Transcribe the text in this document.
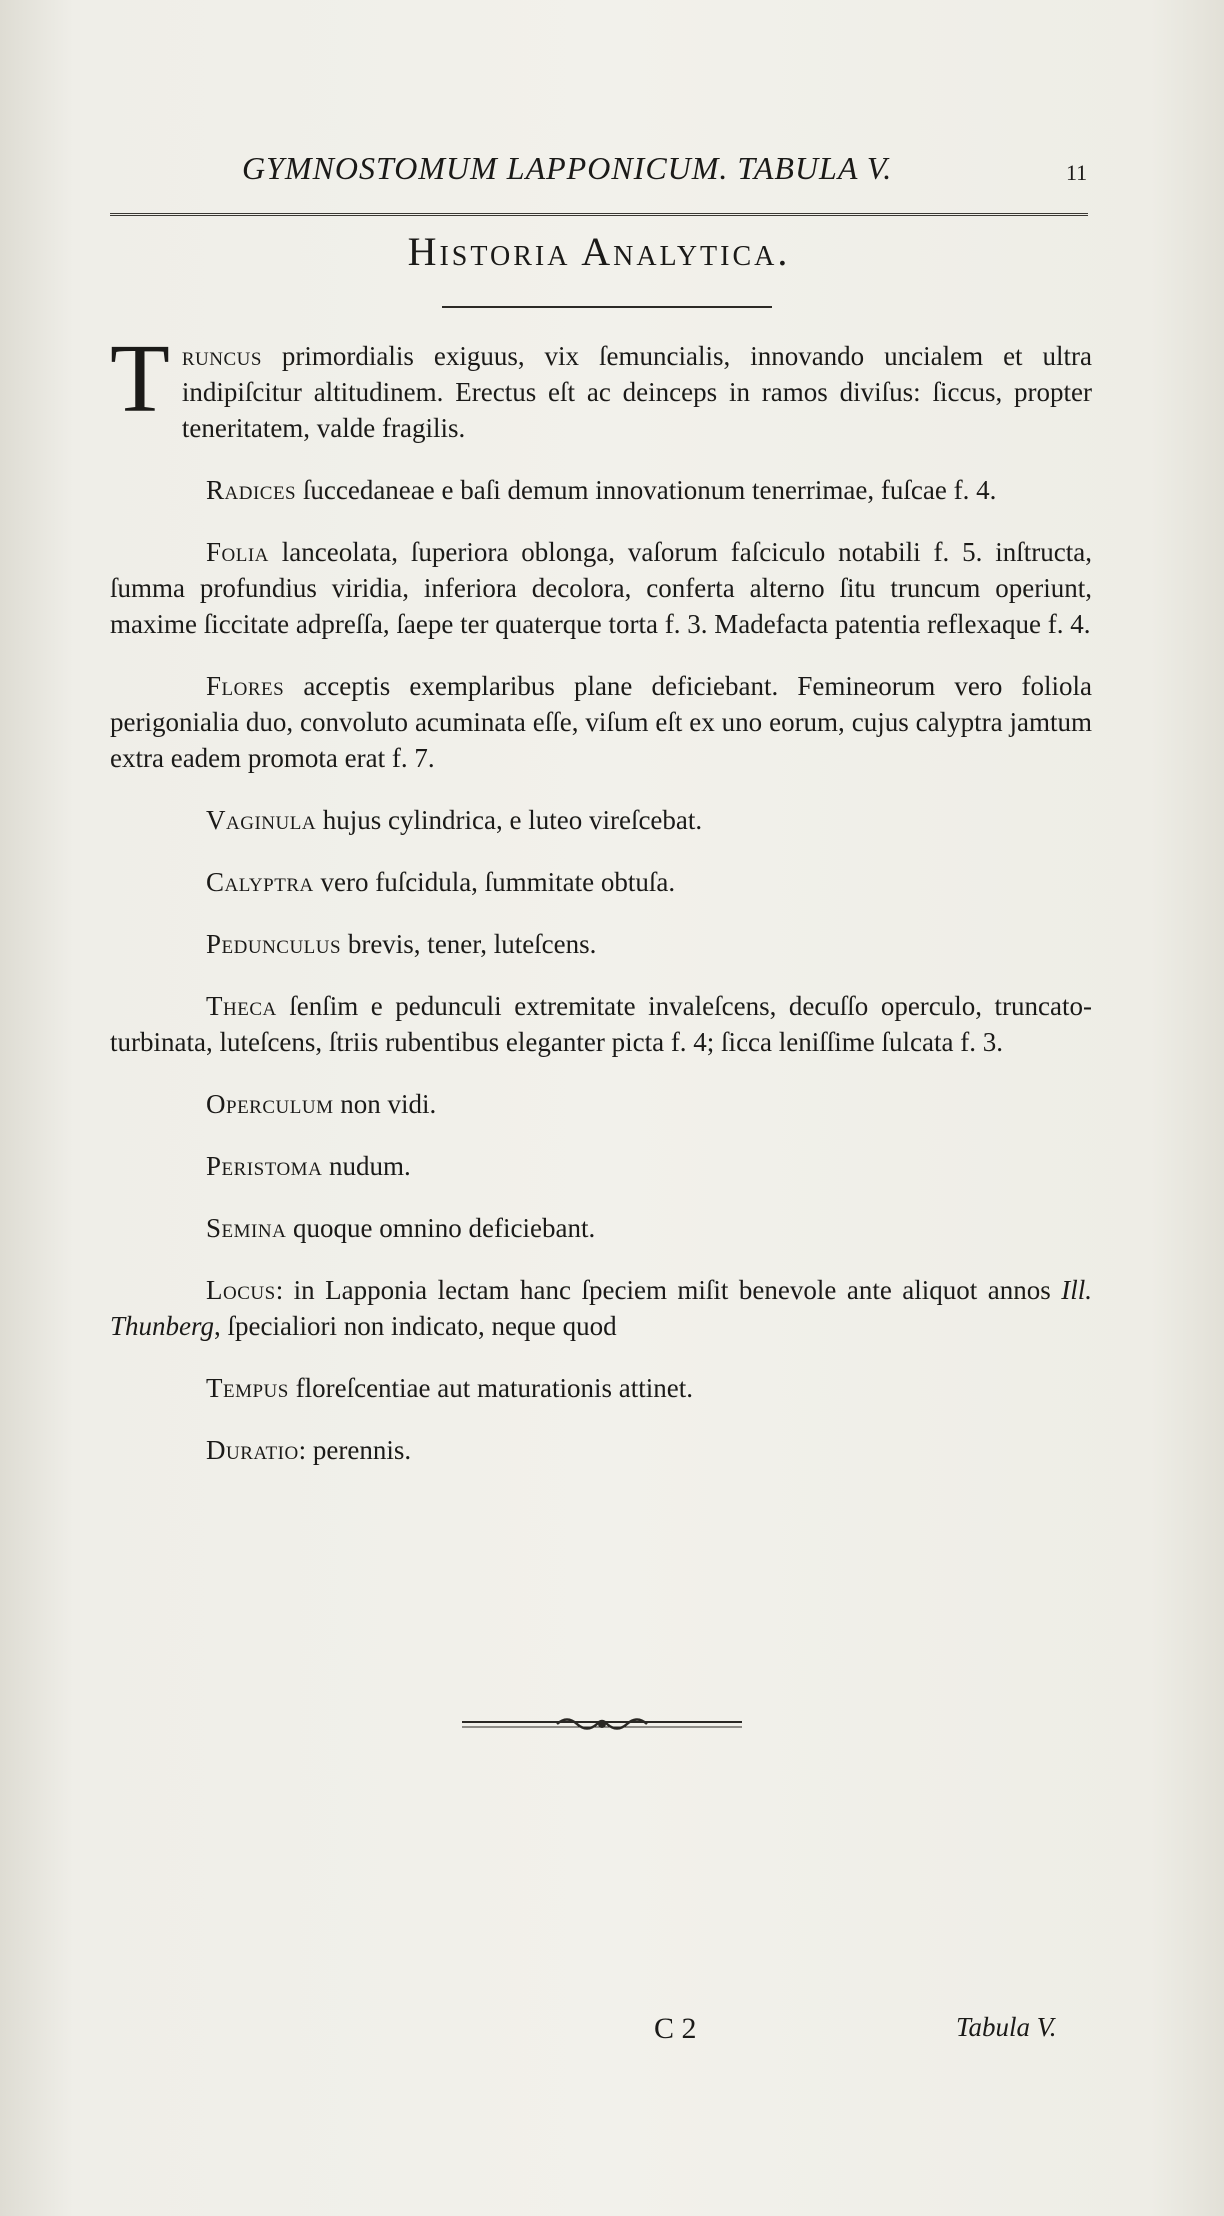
GYMNOSTOMUM LAPPONICUM. TABULA V.	11
Historia Analytica.

Truncus primordialis exiguus, vix ſemuncialis, innovando uncialem et ultra indipiſcitur altitudinem. Erectus eſt ac deinceps in ramos diviſus: ſiccus, propter teneritatem, valde fragilis.

Radices ſuccedaneae e baſi demum innovationum tenerrimae, fuſcae f. 4.

Folia lanceolata, ſuperiora oblonga, vaſorum faſciculo notabili f. 5. inſtructa, ſumma profundius viridia, inferiora decolora, conferta alterno ſitu truncum operiunt, maxime ſiccitate adpreſſa, ſaepe ter quaterque torta f. 3. Madefacta patentia reflexaque f. 4.

Flores acceptis exemplaribus plane deficiebant. Femineorum vero foliola perigonialia duo, convoluto acuminata eſſe, viſum eſt ex uno eorum, cujus calyptra jamtum extra eadem promota erat f. 7.

Vaginula hujus cylindrica, e luteo vireſcebat.

Calyptra vero fuſcidula, ſummitate obtuſa.

Pedunculus brevis, tener, luteſcens.

Theca ſenſim e pedunculi extremitate invaleſcens, decuſſo operculo, truncato-turbinata, luteſcens, ſtriis rubentibus eleganter picta f. 4; ſicca leniſſime ſulcata f. 3.

Operculum non vidi.

Peristoma nudum.

Semina quoque omnino deficiebant.

Locus: in Lapponia lectam hanc ſpeciem miſit benevole ante aliquot annos Ill. Thunberg, ſpecialiori non indicato, neque quod

Tempus floreſcentiae aut maturationis attinet.

Duratio: perennis.

C 2	Tabula V.
